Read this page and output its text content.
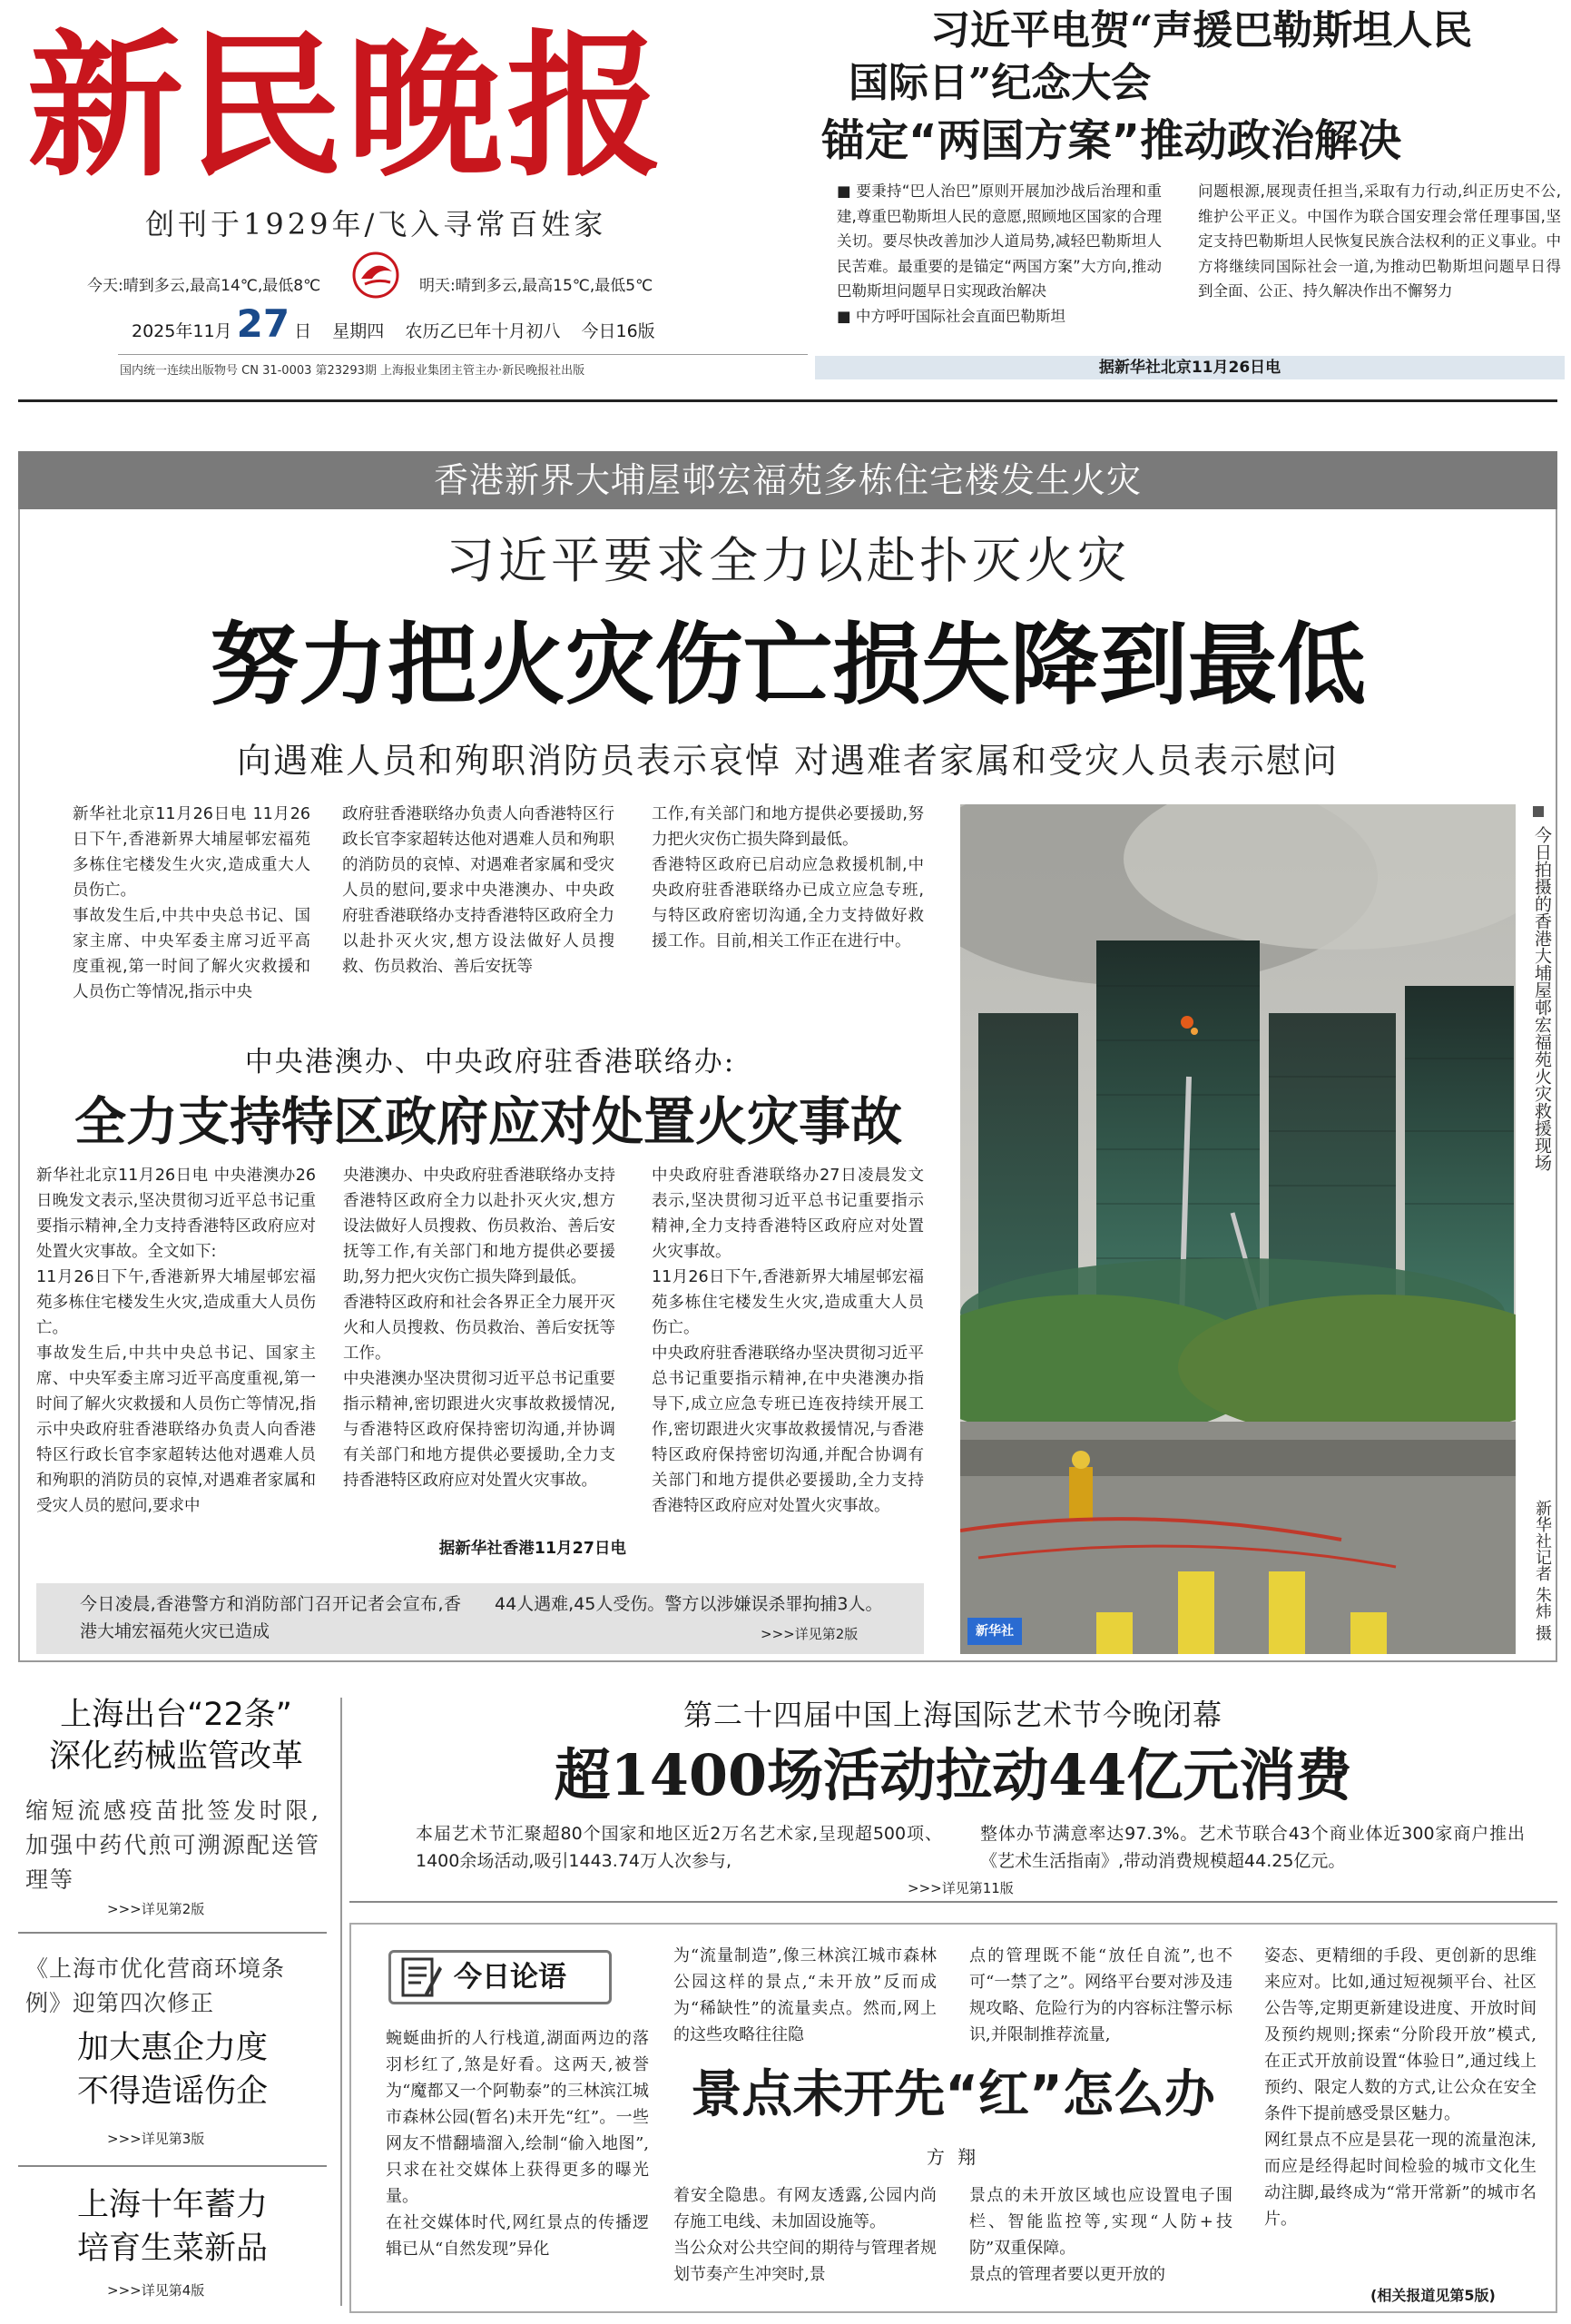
新民晚报
创刊于1929年/飞入寻常百姓家
今天:晴到多云,最高14℃,最低8℃	明天:晴到多云,最高15℃,最低5℃
2025年11月 27 日 星期四 农历乙巳年十月初八 今日16版
国内统一连续出版物号 CN 31-0003 第23293期 上海报业集团主管主办·新民晚报社出版
习近平电贺“声援巴勒斯坦人民
国际日”纪念大会
锚定“两国方案”推动政治解决
■ 要秉持“巴人治巴”原则开展加沙战后治理和重建,尊重巴勒斯坦人民的意愿,照顾地区国家的合理关切。要尽快改善加沙人道局势,减轻巴勒斯坦人民苦难。最重要的是锚定“两国方案”大方向,推动巴勒斯坦问题早日实现政治解决
■ 中方呼吁国际社会直面巴勒斯坦
问题根源,展现责任担当,采取有力行动,纠正历史不公,维护公平正义。中国作为联合国安理会常任理事国,坚定支持巴勒斯坦人民恢复民族合法权利的正义事业。中方将继续同国际社会一道,为推动巴勒斯坦问题早日得到全面、公正、持久解决作出不懈努力
据新华社北京11月26日电
香港新界大埔屋邨宏福苑多栋住宅楼发生火灾
习近平要求全力以赴扑灭火灾
努力把火灾伤亡损失降到最低
向遇难人员和殉职消防员表示哀悼 对遇难者家属和受灾人员表示慰问
新华社北京11月26日电 11月26日下午,香港新界大埔屋邨宏福苑多栋住宅楼发生火灾,造成重大人员伤亡。
事故发生后,中共中央总书记、国家主席、中央军委主席习近平高度重视,第一时间了解火灾救援和人员伤亡等情况,指示中央
政府驻香港联络办负责人向香港特区行政长官李家超转达他对遇难人员和殉职的消防员的哀悼、对遇难者家属和受灾人员的慰问,要求中央港澳办、中央政府驻香港联络办支持香港特区政府全力以赴扑灭火灾,想方设法做好人员搜救、伤员救治、善后安抚等
工作,有关部门和地方提供必要援助,努力把火灾伤亡损失降到最低。
香港特区政府已启动应急救援机制,中央政府驻香港联络办已成立应急专班,与特区政府密切沟通,全力支持做好救援工作。目前,相关工作正在进行中。
新华社
今日拍摄的香港大埔屋邨宏福苑火灾救援现场
新华社记者 朱炜 摄
中央港澳办、中央政府驻香港联络办:
全力支持特区政府应对处置火灾事故
新华社北京11月26日电 中央港澳办26日晚发文表示,坚决贯彻习近平总书记重要指示精神,全力支持香港特区政府应对处置火灾事故。全文如下:
11月26日下午,香港新界大埔屋邨宏福苑多栋住宅楼发生火灾,造成重大人员伤亡。
事故发生后,中共中央总书记、国家主席、中央军委主席习近平高度重视,第一时间了解火灾救援和人员伤亡等情况,指示中央政府驻香港联络办负责人向香港特区行政长官李家超转达他对遇难人员和殉职的消防员的哀悼,对遇难者家属和受灾人员的慰问,要求中
央港澳办、中央政府驻香港联络办支持香港特区政府全力以赴扑灭火灾,想方设法做好人员搜救、伤员救治、善后安抚等工作,有关部门和地方提供必要援助,努力把火灾伤亡损失降到最低。
香港特区政府和社会各界正全力展开灭火和人员搜救、伤员救治、善后安抚等工作。
中央港澳办坚决贯彻习近平总书记重要指示精神,密切跟进火灾事故救援情况,与香港特区政府保持密切沟通,并协调有关部门和地方提供必要援助,全力支持香港特区政府应对处置火灾事故。
据新华社香港11月27日电
中央政府驻香港联络办27日凌晨发文表示,坚决贯彻习近平总书记重要指示精神,全力支持香港特区政府应对处置火灾事故。
11月26日下午,香港新界大埔屋邨宏福苑多栋住宅楼发生火灾,造成重大人员伤亡。
中央政府驻香港联络办坚决贯彻习近平总书记重要指示精神,在中央港澳办指导下,成立应急专班已连夜持续开展工作,密切跟进火灾事故救援情况,与香港特区政府保持密切沟通,并配合协调有关部门和地方提供必要援助,全力支持香港特区政府应对处置火灾事故。
今日凌晨,香港警方和消防部门召开记者会宣布,香港大埔宏福苑火灾已造成
44人遇难,45人受伤。警方以涉嫌误杀罪拘捕3人。
>>>详见第2版
上海出台“22条”
深化药械监管改革
缩短流感疫苗批签发时限,加强中药代煎可溯源配送管理等
>>>详见第2版
《上海市优化营商环境条例》迎第四次修正
加大惠企力度
不得造谣伤企
>>>详见第3版
上海十年蓄力
培育生菜新品
>>>详见第4版
第二十四届中国上海国际艺术节今晚闭幕
超1400场活动拉动44亿元消费
本届艺术节汇聚超80个国家和地区近2万名艺术家,呈现超500项、1400余场活动,吸引1443.74万人次参与,
整体办节满意率达97.3%。艺术节联合43个商业体近300家商户推出《艺术生活指南》,带动消费规模超44.25亿元。
>>>详见第11版
今日论语
蜿蜒曲折的人行栈道,湖面两边的落羽杉红了,煞是好看。这两天,被誉为“魔都又一个阿勒泰”的三林滨江城市森林公园(暂名)未开先“红”。一些网友不惜翻墙溜入,绘制“偷入地图”,只求在社交媒体上获得更多的曝光量。
在社交媒体时代,网红景点的传播逻辑已从“自然发现”异化
为“流量制造”,像三林滨江城市森林公园这样的景点,“未开放”反而成为“稀缺性”的流量卖点。然而,网上的这些攻略往往隐
点的管理既不能“放任自流”,也不可“一禁了之”。网络平台要对涉及违规攻略、危险行为的内容标注警示标识,并限制推荐流量,
景点未开先“红”怎么办
方 翔
着安全隐患。有网友透露,公园内尚存施工电线、未加固设施等。
当公众对公共空间的期待与管理者规划节奏产生冲突时,景
景点的未开放区域也应设置电子围栏、智能监控等,实现“人防+技防”双重保障。
景点的管理者要以更开放的
姿态、更精细的手段、更创新的思维来应对。比如,通过短视频平台、社区公告等,定期更新建设进度、开放时间及预约规则;探索“分阶段开放”模式,在正式开放前设置“体验日”,通过线上预约、限定人数的方式,让公众在安全条件下提前感受景区魅力。
网红景点不应是昙花一现的流量泡沫,而应是经得起时间检验的城市文化生动注脚,最终成为“常开常新”的城市名片。
(相关报道见第5版)
